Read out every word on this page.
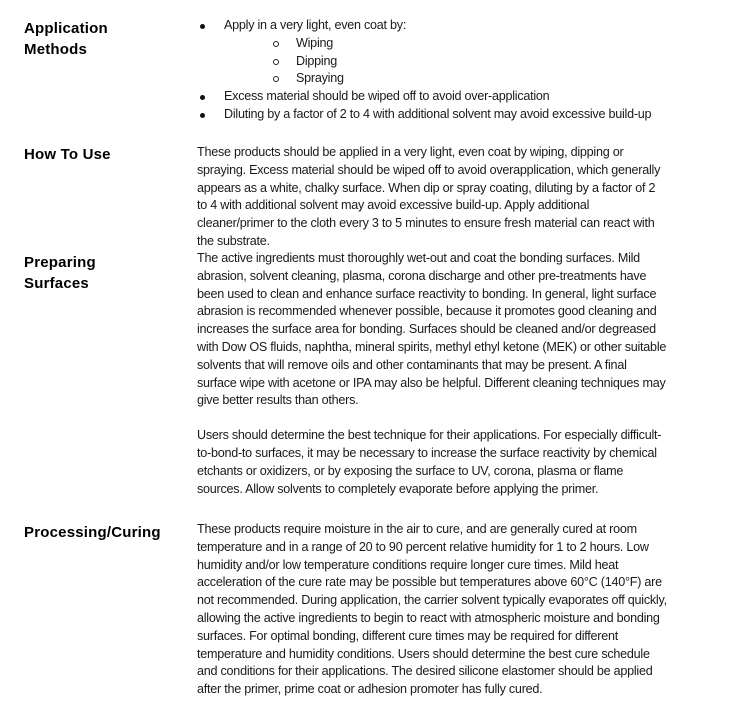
Application
Methods
Apply in a very light, even coat by:
Wiping
Dipping
Spraying
Excess material should be wiped off to avoid over-application
Diluting by a factor of 2 to 4 with additional solvent may avoid excessive build-up
How To Use	These products should be applied in a very light, even coat by wiping, dipping or spraying. Excess material should be wiped off to avoid overapplication, which generally appears as a white, chalky surface. When dip or spray coating, diluting by a factor of 2 to 4 with additional solvent may avoid excessive build-up. Apply additional cleaner/primer to the cloth every 3 to 5 minutes to ensure fresh material can react with the substrate.

Preparing
Surfaces

The active ingredients must thoroughly wet-out and coat the bonding surfaces. Mild abrasion, solvent cleaning, plasma, corona discharge and other pre-treatments have been used to clean and enhance surface reactivity to bonding. In general, light surface abrasion is recommended whenever possible, because it promotes good cleaning and increases the surface area for bonding. Surfaces should be cleaned and/or degreased with Dow OS fluids, naphtha, mineral spirits, methyl ethyl ketone (MEK) or other suitable solvents that will remove oils and other contaminants that may be present. A final surface wipe with acetone or IPA may also be helpful. Different cleaning techniques may give better results than others.

Users should determine the best technique for their applications. For especially difficult-to-bond-to surfaces, it may be necessary to increase the surface reactivity by chemical etchants or oxidizers, or by exposing the surface to UV, corona, plasma or flame sources. Allow solvents to completely evaporate before applying the primer.

Processing/Curing	These products require moisture in the air to cure, and are generally cured at room temperature and in a range of 20 to 90 percent relative humidity for 1 to 2 hours. Low humidity and/or low temperature conditions require longer cure times. Mild heat acceleration of the cure rate may be possible but temperatures above 60°C (140°F) are not recommended. During application, the carrier solvent typically evaporates off quickly, allowing the active ingredients to begin to react with atmospheric moisture and bonding surfaces. For optimal bonding, different cure times may be required for different temperature and humidity conditions. Users should determine the best cure schedule and conditions for their applications. The desired silicone elastomer should be applied after the primer, prime coat or adhesion promoter has fully cured.
